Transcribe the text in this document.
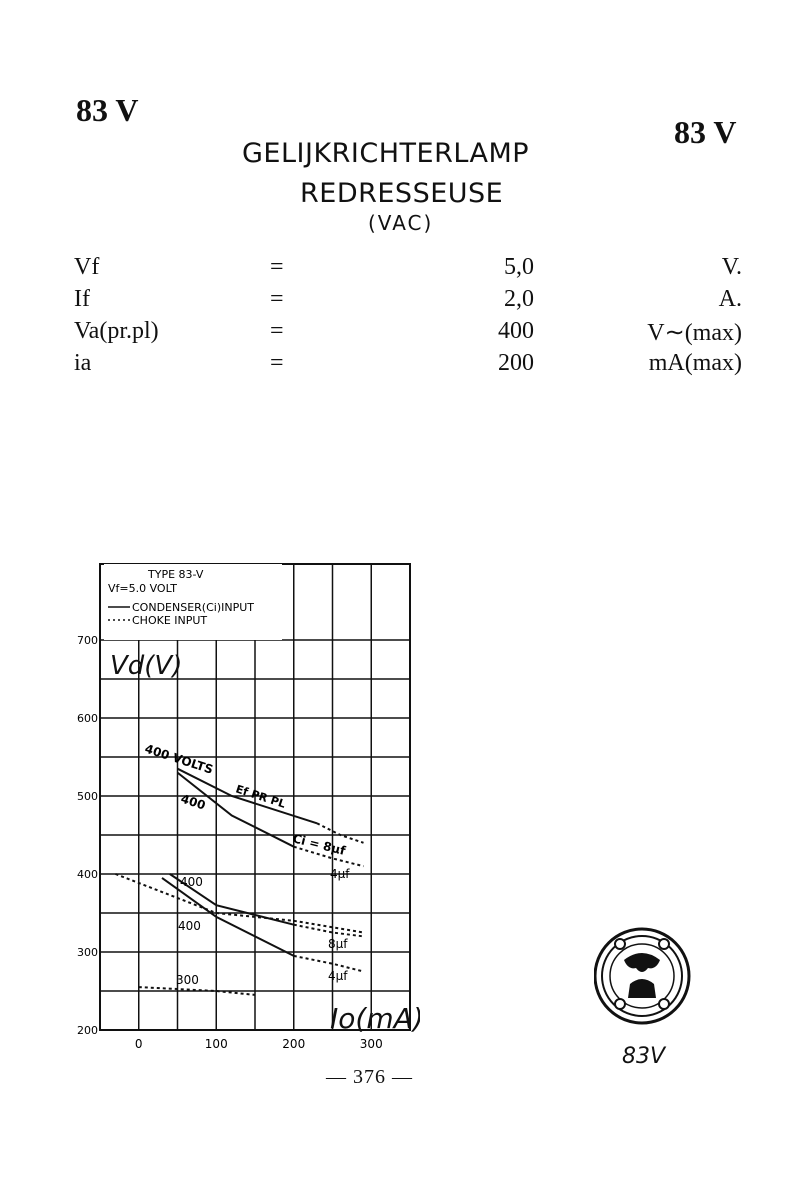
83 V
83 V
GELIJKRICHTERLAMP
REDRESSEUSE
(VAC)
Vf	=	5,0	V.
If	=	2,0	A.
Va(pr.pl)	=	400	V∼(max)
ia	=	200	mA(max)
0	100	200	300
200
300
400
500
600
700
TYPE 83-V
Vf=5.0 VOLT
CONDENSER(Ci)INPUT
CHOKE INPUT
Vd(V)
Io(mA)
400 VOLTS
400 Ef PR PL
Ci = 8μf
4μf
400
400
8μf
4μf
300
— 376 —
83V
